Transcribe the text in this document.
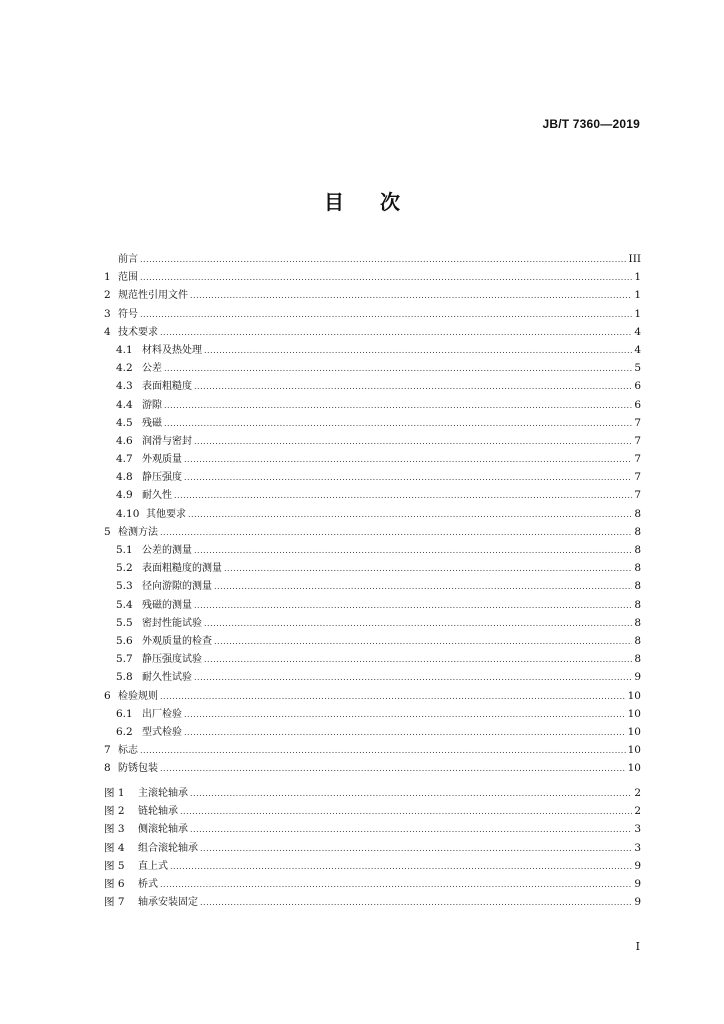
JB/T 7360—2019
目次
前言 .....	III
1 范围 .....	1
2 规范性引用文件 .....	1
3 符号 .....	1
4 技术要求 .....	4
4.1 材料及热处理 .....	4
4.2 公差 .....	5
4.3 表面粗糙度 .....	6
4.4 游隙 .....	6
4.5 残磁 .....	7
4.6 润滑与密封 .....	7
4.7 外观质量 .....	7
4.8 静压强度 .....	7
4.9 耐久性 .....	7
4.10 其他要求 .....	8
5 检测方法 .....	8
5.1 公差的测量 .....	8
5.2 表面粗糙度的测量 .....	8
5.3 径向游隙的测量 .....	8
5.4 残磁的测量 .....	8
5.5 密封性能试验 .....	8
5.6 外观质量的检查 .....	8
5.7 静压强度试验 .....	8
5.8 耐久性试验 .....	9
6 检验规则 .....	10
6.1 出厂检验 .....	10
6.2 型式检验 .....	10
7 标志 .....	10
8 防锈包装 .....	10
图 1	主滚轮轴承 .....	2
图 2	链轮轴承 .....	2
图 3	侧滚轮轴承 .....	3
图 4	组合滚轮轴承 .....	3
图 5	直上式 .....	9
图 6	桥式 .....	9
图 7	轴承安装固定 .....	9
I
